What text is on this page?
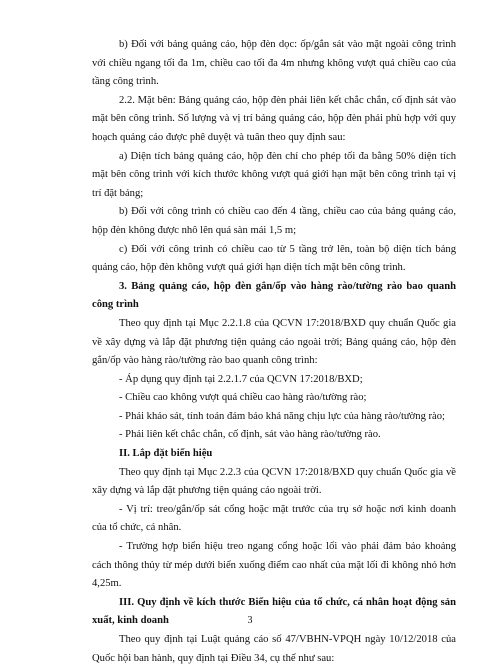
b) Đối với bảng quảng cáo, hộp đèn dọc: ốp/gắn sát vào mặt ngoài công trình với chiều ngang tối đa 1m, chiều cao tối đa 4m nhưng không vượt quá chiều cao của tầng công trình.

2.2. Mặt bên: Bảng quảng cáo, hộp đèn phải liên kết chắc chắn, cố định sát vào mặt bên công trình. Số lượng và vị trí bảng quảng cáo, hộp đèn phải phù hợp với quy hoạch quảng cáo được phê duyệt và tuân theo quy định sau:

a) Diện tích bảng quảng cáo, hộp đèn chỉ cho phép tối đa bằng 50% diện tích mặt bên công trình với kích thước không vượt quá giới hạn mặt bên công trình tại vị trí đặt bảng;

b) Đối với công trình có chiều cao đến 4 tầng, chiều cao của bảng quảng cáo, hộp đèn không được nhô lên quá sàn mái 1,5 m;

c) Đối với công trình có chiều cao từ 5 tầng trở lên, toàn bộ diện tích bảng quảng cáo, hộp đèn không vượt quá giới hạn diện tích mặt bên công trình.

3. Bảng quảng cáo, hộp đèn gắn/ốp vào hàng rào/tường rào bao quanh công trình

Theo quy định tại Mục 2.2.1.8 của QCVN 17:2018/BXD quy chuẩn Quốc gia về xây dựng và lắp đặt phương tiện quảng cáo ngoài trời; Bảng quảng cáo, hộp đèn gắn/ốp vào hàng rào/tường rào bao quanh công trình:

- Áp dụng quy định tại 2.2.1.7 của QCVN 17:2018/BXD;

- Chiều cao không vượt quá chiều cao hàng rào/tường rào;

- Phải khảo sát, tính toán đảm bảo khả năng chịu lực của hàng rào/tường rào;

- Phải liên kết chắc chắn, cố định, sát vào hàng rào/tường rào.

II. Lắp đặt biển hiệu

Theo quy định tại Mục 2.2.3 của QCVN 17:2018/BXD quy chuẩn Quốc gia về xây dựng và lắp đặt phương tiện quảng cáo ngoài trời.

- Vị trí: treo/gắn/ốp sát cổng hoặc mặt trước của trụ sở hoặc nơi kinh doanh của tổ chức, cá nhân.

- Trường hợp biển hiệu treo ngang cổng hoặc lối vào phải đảm bảo khoảng cách thông thủy từ mép dưới biển xuống điểm cao nhất của mặt lối đi không nhỏ hơn 4,25m.

III. Quy định về kích thước Biển hiệu của tổ chức, cá nhân hoạt động sản xuất, kinh doanh

Theo quy định tại Luật quảng cáo số 47/VBHN-VPQH ngày 10/12/2018 của Quốc hội ban hành, quy định tại Điều 34, cụ thể như sau:

3
